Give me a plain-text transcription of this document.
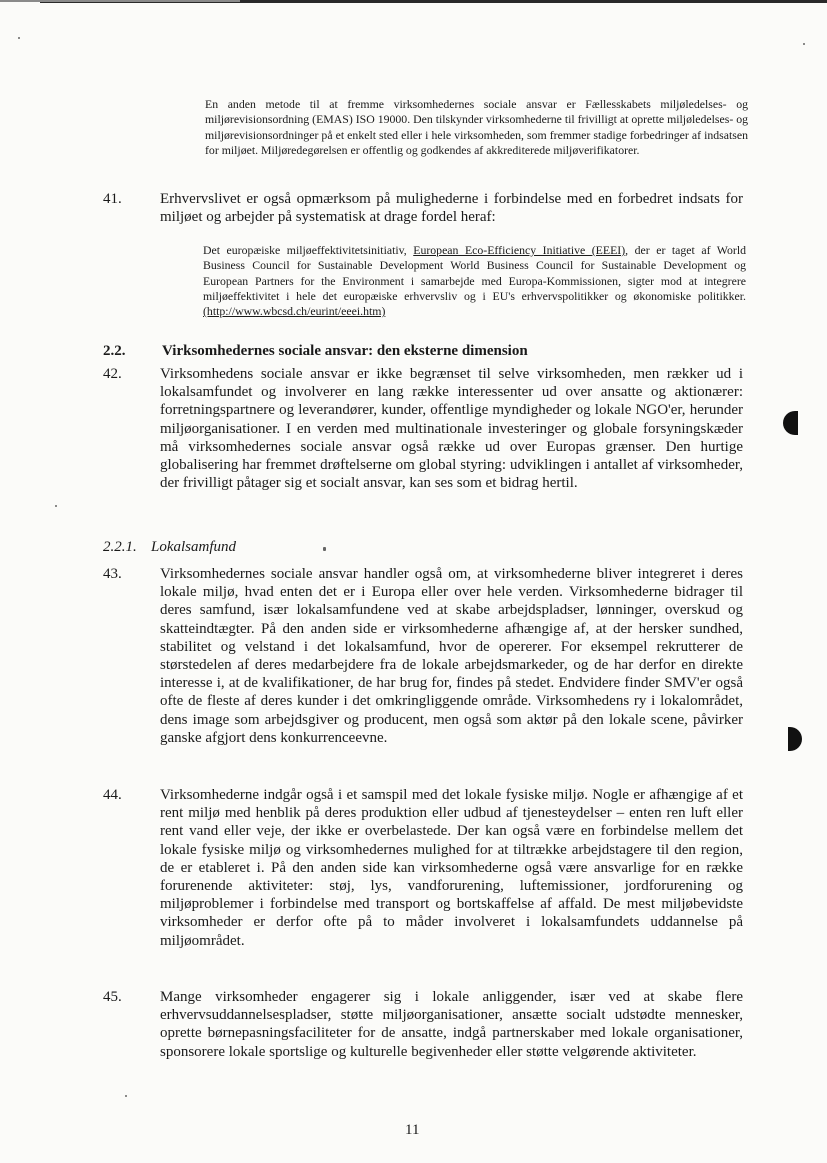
En anden metode til at fremme virksomhedernes sociale ansvar er Fællesskabets miljøledelses- og miljørevisionsordning (EMAS) ISO 19000. Den tilskynder virksomhederne til frivilligt at oprette miljøledelses- og miljørevisionsordninger på et enkelt sted eller i hele virksomheden, som fremmer stadige forbedringer af indsatsen for miljøet. Miljøredegørelsen er offentlig og godkendes af akkrediterede miljøverifikatorer.

41.	Erhvervslivet er også opmærksom på mulighederne i forbindelse med en forbedret indsats for miljøet og arbejder på systematisk at drage fordel heraf:

Det europæiske miljøeffektivitetsinitiativ, European Eco-Efficiency Initiative (EEEI), der er taget af World Business Council for Sustainable Development World Business Council for Sustainable Development og European Partners for the Environment i samarbejde med Europa-Kommissionen, sigter mod at integrere miljøeffektivitet i hele det europæiske erhvervsliv og i EU's erhvervspolitikker og økonomiske politikker. (http://www.wbcsd.ch/eurint/eeei.htm)

2.2. Virksomhedernes sociale ansvar: den eksterne dimension
42.	Virksomhedens sociale ansvar er ikke begrænset til selve virksomheden, men rækker ud i lokalsamfundet og involverer en lang række interessenter ud over ansatte og aktionærer: forretningspartnere og leverandører, kunder, offentlige myndigheder og lokale NGO'er, herunder miljøorganisationer. I en verden med multinationale investeringer og globale forsyningskæder må virksomhedernes sociale ansvar også række ud over Europas grænser. Den hurtige globalisering har fremmet drøftelserne om global styring: udviklingen i antallet af virksomheder, der frivilligt påtager sig et socialt ansvar, kan ses som et bidrag hertil.

2.2.1. Lokalsamfund
43.	Virksomhedernes sociale ansvar handler også om, at virksomhederne bliver integreret i deres lokale miljø, hvad enten det er i Europa eller over hele verden. Virksomhederne bidrager til deres samfund, især lokalsamfundene ved at skabe arbejdspladser, lønninger, overskud og skatteindtægter. På den anden side er virksomhederne afhængige af, at der hersker sundhed, stabilitet og velstand i det lokalsamfund, hvor de opererer. For eksempel rekrutterer de størstedelen af deres medarbejdere fra de lokale arbejdsmarkeder, og de har derfor en direkte interesse i, at de kvalifikationer, de har brug for, findes på stedet. Endvidere finder SMV'er også ofte de fleste af deres kunder i det omkringliggende område. Virksomhedens ry i lokalområdet, dens image som arbejdsgiver og producent, men også som aktør på den lokale scene, påvirker ganske afgjort dens konkurrenceevne.

44.	Virksomhederne indgår også i et samspil med det lokale fysiske miljø. Nogle er afhængige af et rent miljø med henblik på deres produktion eller udbud af tjenesteydelser – enten ren luft eller rent vand eller veje, der ikke er overbelastede. Der kan også være en forbindelse mellem det lokale fysiske miljø og virksomhedernes mulighed for at tiltrække arbejdstagere til den region, de er etableret i. På den anden side kan virksomhederne også være ansvarlige for en række forurenende aktiviteter: støj, lys, vandforurening, luftemissioner, jordforurening og miljøproblemer i forbindelse med transport og bortskaffelse af affald. De mest miljøbevidste virksomheder er derfor ofte på to måder involveret i lokalsamfundets uddannelse på miljøområdet.

45.	Mange virksomheder engagerer sig i lokale anliggender, især ved at skabe flere erhvervsuddannelsespladser, støtte miljøorganisationer, ansætte socialt udstødte mennesker, oprette børnepasningsfaciliteter for de ansatte, indgå partnerskaber med lokale organisationer, sponsorere lokale sportslige og kulturelle begivenheder eller støtte velgørende aktiviteter.

11
